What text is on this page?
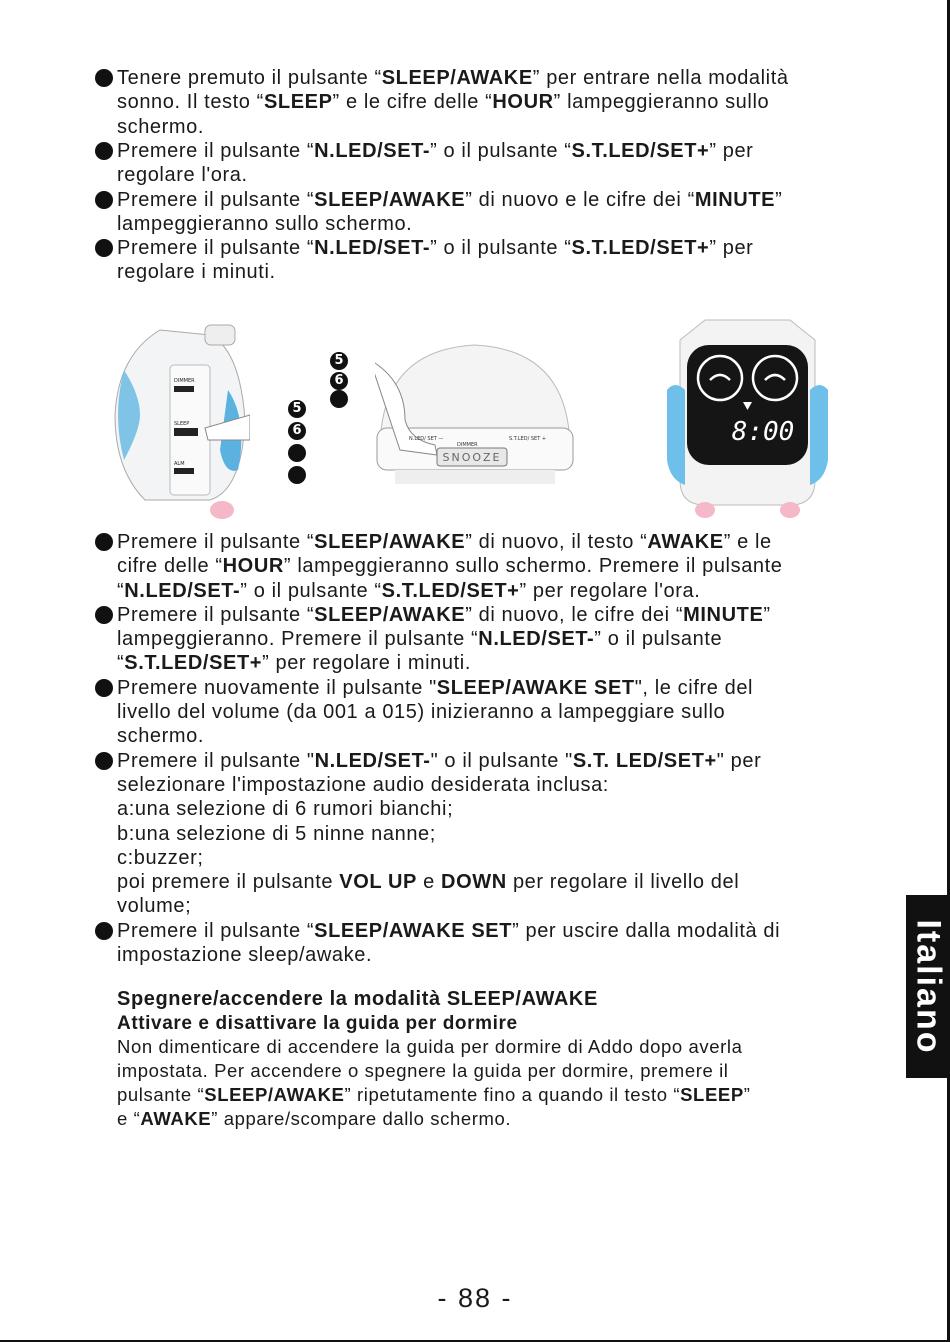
Tenere premuto il pulsante “SLEEP/AWAKE” per entrare nella modalità
sonno. Il testo “SLEEP” e le cifre delle “HOUR” lampeggieranno sullo
schermo.
Premere il pulsante “N.LED/SET-” o il pulsante “S.T.LED/SET+” per
regolare l'ora.
Premere il pulsante “SLEEP/AWAKE” di nuovo e le cifre dei “MINUTE”
lampeggieranno sullo schermo.
Premere il pulsante “N.LED/SET-” o il pulsante “S.T.LED/SET+” per
regolare i minuti.
DIMMER
SLEEP
ALM
5
6
SNOOZE
N.LED/ SET —
DIMMER
S.T.LED/ SET +
5
6
8:00
Premere il pulsante “SLEEP/AWAKE” di nuovo, il testo “AWAKE” e le
cifre delle “HOUR” lampeggieranno sullo schermo. Premere il pulsante
“N.LED/SET-” o il pulsante “S.T.LED/SET+” per regolare l'ora.
Premere il pulsante “SLEEP/AWAKE” di nuovo, le cifre dei “MINUTE”
lampeggieranno. Premere il pulsante “N.LED/SET-” o il pulsante
“S.T.LED/SET+” per regolare i minuti.
Premere nuovamente il pulsante "SLEEP/AWAKE SET", le cifre del
livello del volume (da 001 a 015) inizieranno a lampeggiare sullo
schermo.
Premere il pulsante "N.LED/SET-" o il pulsante "S.T. LED/SET+" per
selezionare l'impostazione audio desiderata inclusa:
a:una selezione di 6 rumori bianchi;
b:una selezione di 5 ninne nanne;
c:buzzer;
poi premere il pulsante VOL UP e DOWN per regolare il livello del
volume;
Premere il pulsante “SLEEP/AWAKE SET” per uscire dalla modalità di
impostazione sleep/awake.
Spegnere/accendere la modalità SLEEP/AWAKE
Attivare e disattivare la guida per dormire
Non dimenticare di accendere la guida per dormire di Addo dopo averla
impostata. Per accendere o spegnere la guida per dormire, premere il
pulsante “SLEEP/AWAKE” ripetutamente fino a quando il testo “SLEEP”
e “AWAKE” appare/scompare dallo schermo.
Italiano
- 88 -
